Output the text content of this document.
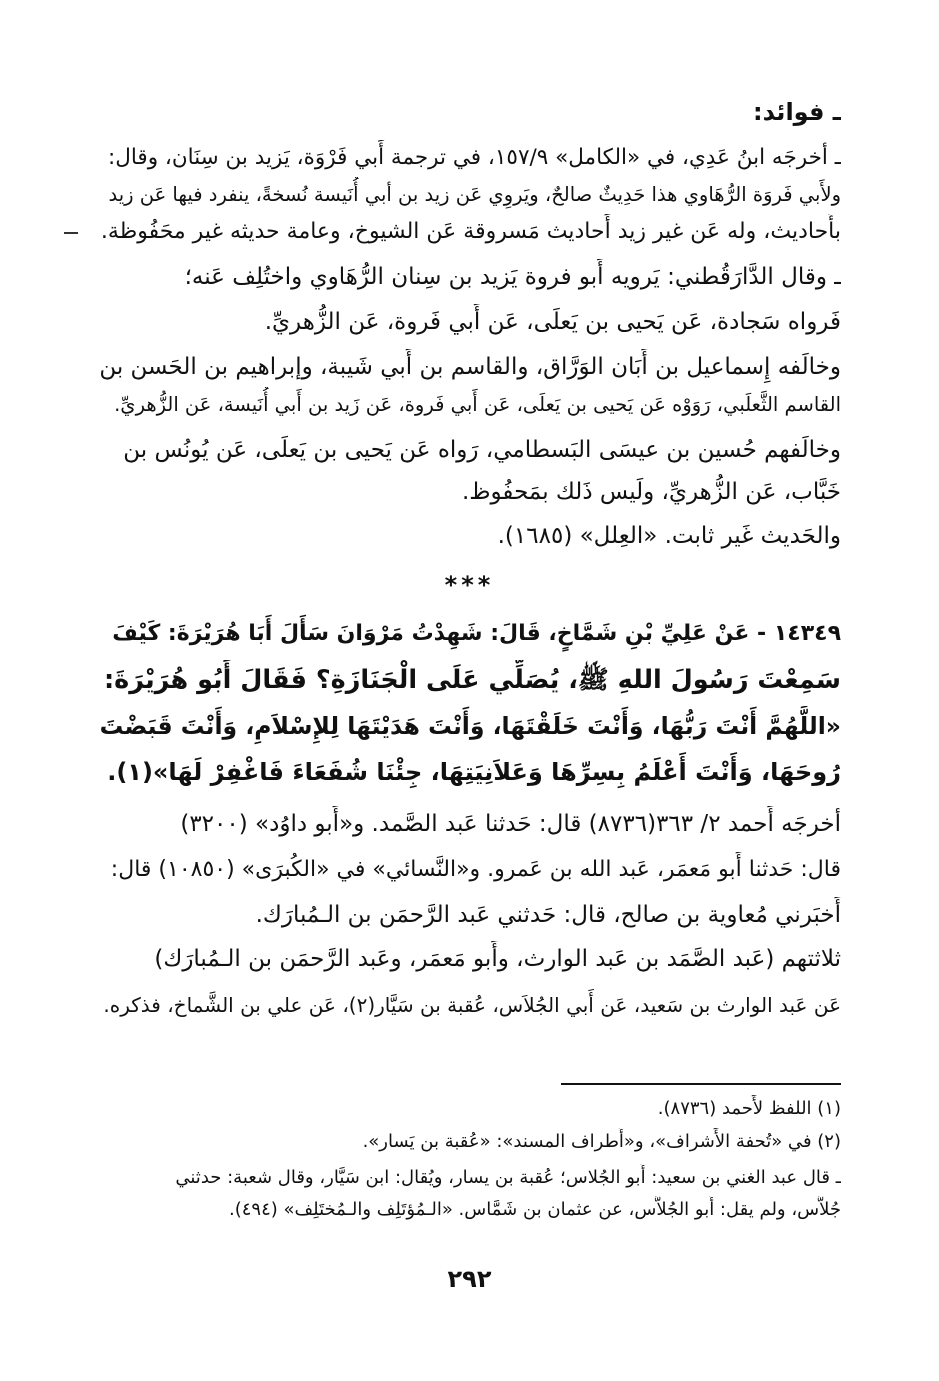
ـ فوائد:
ـ أخرجَه ابنُ عَدِي، في «الكامل» ١٥٧/٩، في ترجمة أَبي فَرْوَة، يَزيد بن سِنَان، وقال:
ولأَبي فَروَة الرُّهَاوي هذا حَدِيثٌ صالحٌ، ويَروِي عَن زيد بن أبي أُنَيسة نُسخةً، ينفرد فيها عَن زيد
بأَحاديث، وله عَن غير زيد أَحاديث مَسروقة عَن الشيوخ، وعامة حديثه غير محَفُوظة.
ـ وقال الدَّارَقُطني: يَرويه أَبو فروة يَزيد بن سِنان الرُّهَاوي واختُلِف عَنه؛
فَرواه سَجادة، عَن يَحيى بن يَعلَى، عَن أَبي فَروة، عَن الزُّهريِّ.
وخالَفه إِسماعيل بن أَبَان الوَرَّاق، والقاسم بن أَبي شَيبة، وإبراهيم بن الحَسن بن
القاسم الثَّعلَبي، رَوَوْه عَن يَحيى بن يَعلَى، عَن أَبي فَروة، عَن زَيد بن أَبي أُنَيسة، عَن الزُّهريِّ.
وخالَفهم حُسين بن عيسَى البَسطامي، رَواه عَن يَحيى بن يَعلَى، عَن يُونُس بن
خَبَّاب، عَن الزُّهريِّ، ولَيس ذَلك بمَحفُوظ.
والحَديث غَير ثابت. «العِلل» (١٦٨٥).
***
١٤٣٤٩ - عَنْ عَلِيِّ بْنِ شَمَّاخٍ، قَالَ: شَهِدْتُ مَرْوَانَ سَأَلَ أَبَا هُرَيْرَةَ: كَيْفَ
سَمِعْتَ رَسُولَ اللهِ ﷺ، يُصَلِّي عَلَى الْجَنَازَةِ؟ فَقَالَ أَبُو هُرَيْرَةَ:
«اللَّهُمَّ أَنْتَ رَبُّهَا، وَأَنْتَ خَلَقْتَهَا، وَأَنْتَ هَدَيْتَهَا لِلإِسْلاَمِ، وَأَنْتَ قَبَضْتَ
رُوحَهَا، وَأَنْتَ أَعْلَمُ بِسِرِّهَا وَعَلاَنِيَتِهَا، جِئْنَا شُفَعَاءَ فَاغْفِرْ لَهَا»(١).
أخرجَه أَحمد ٢/ ٣٦٣(٨٧٣٦) قال: حَدثنا عَبد الصَّمد. و«أَبو داوُد» (٣٢٠٠)
قال: حَدثنا أَبو مَعمَر، عَبد الله بن عَمرو. و«النَّسائي» في «الكُبرَى» (١٠٨٥٠) قال:
أَخبَرني مُعاوية بن صالح، قال: حَدثني عَبد الرَّحمَن بن الـمُبارَك.
ثلاثتهم (عَبد الصَّمَد بن عَبد الوارث، وأَبو مَعمَر، وعَبد الرَّحمَن بن الـمُبارَك)
عَن عَبد الوارث بن سَعيد، عَن أَبي الجُلاَس، عُقبة بن سَيَّار(٢)، عَن علي بن الشَّماخ، فذكره.
(١) اللفظ لأَحمد (٨٧٣٦).
(٢) في «تُحفة الأَشراف»، و«أَطراف المسند»: «عُقبة بن يَسار».
ـ قال عبد الغني بن سعيد: أَبو الجُلاس؛ عُقبة بن يسار، ويُقال: ابن سَيَّار، وقال شعبة: حدثني
جُلاَّس، ولم يقل: أَبو الجُلاَّس، عن عثمان بن شَمَّاس. «الـمُؤتَلِف والـمُختَلِف» (٤٩٤).
٢٩٢
